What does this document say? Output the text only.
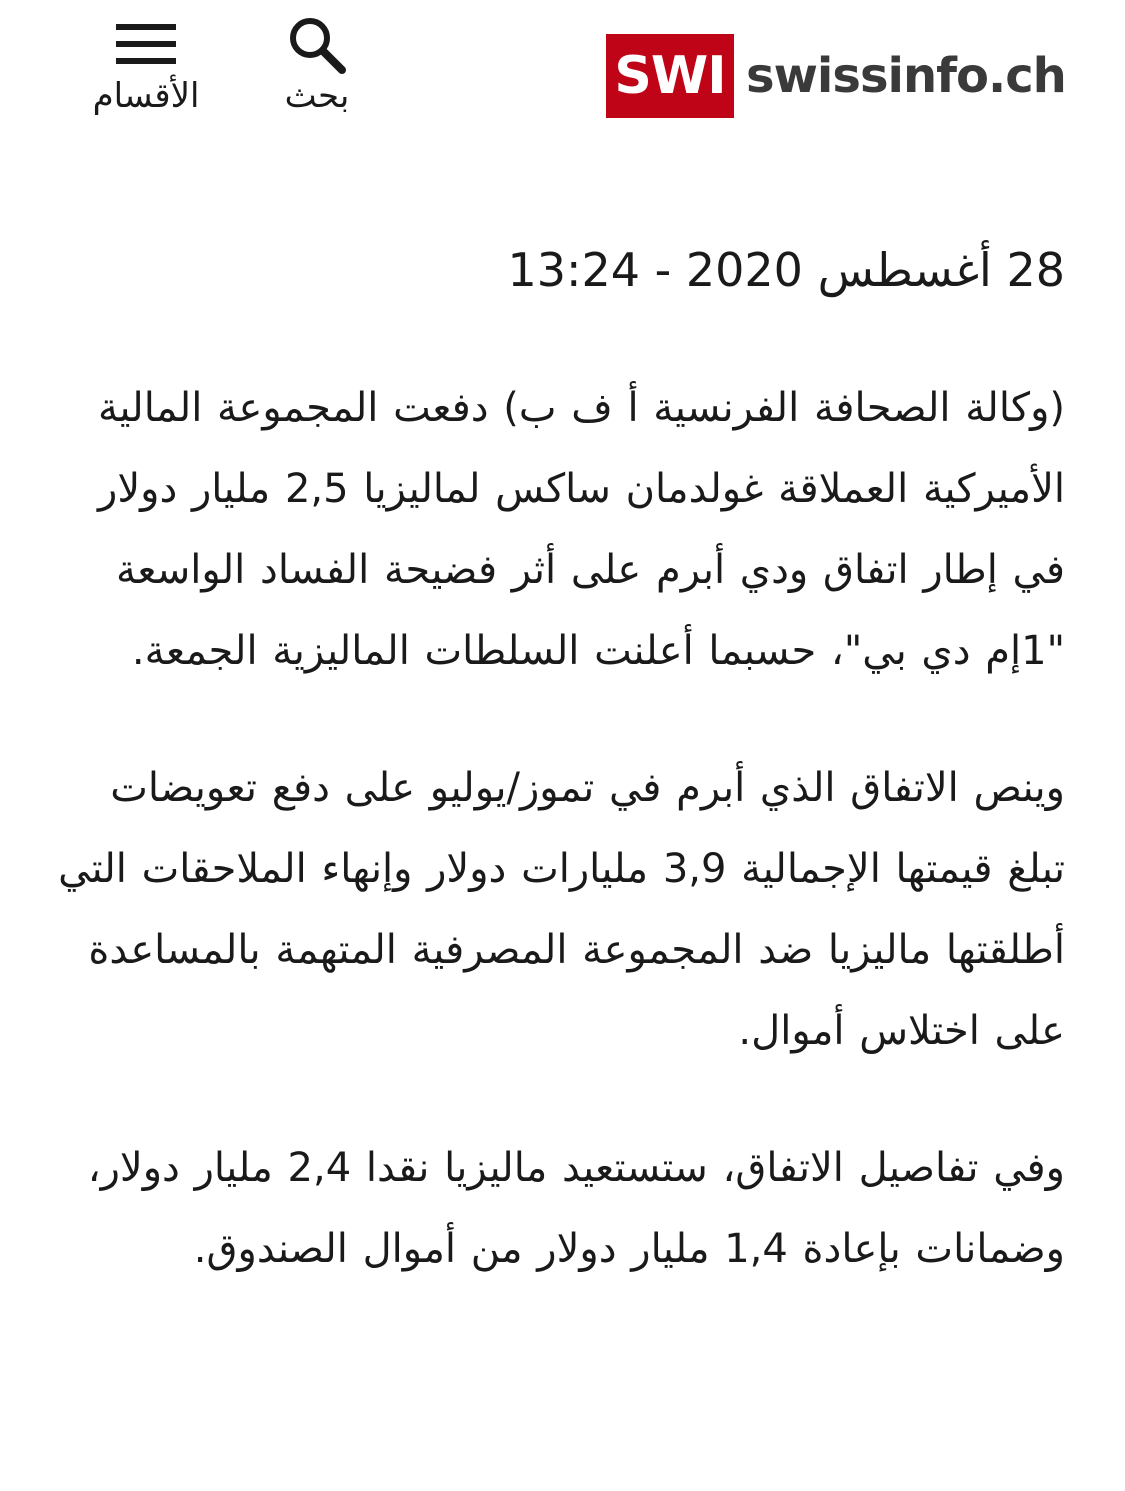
الأقسام	بحث	SWI swissinfo.ch

28 أغسطس 2020 - 13:24

(وكالة الصحافة الفرنسية أ ف ب) دفعت المجموعة المالية الأميركية العملاقة غولدمان ساكس لماليزيا 2,5 مليار دولار في إطار اتفاق ودي أبرم على أثر فضيحة الفساد الواسعة "1إم دي بي"، حسبما أعلنت السلطات الماليزية الجمعة.

وينص الاتفاق الذي أبرم في تموز/يوليو على دفع تعويضات تبلغ قيمتها الإجمالية 3,9 مليارات دولار وإنهاء الملاحقات التي أطلقتها ماليزيا ضد المجموعة المصرفية المتهمة بالمساعدة على اختلاس أموال.

وفي تفاصيل الاتفاق، ستستعيد ماليزيا نقدا 2,4 مليار دولار، وضمانات بإعادة 1,4 مليار دولار من أموال الصندوق.
